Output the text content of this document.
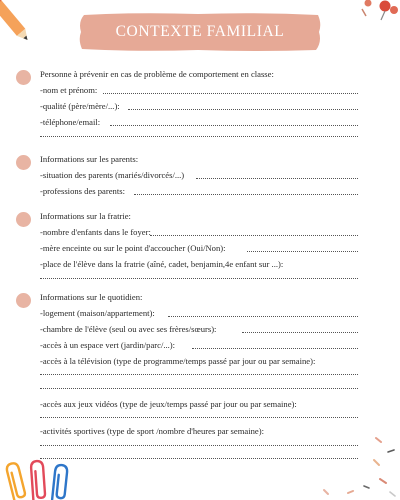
CONTEXTE FAMILIAL
Personne à prévenir en cas de problème de comportement en classe:
-nom et prénom:
-qualité (père/mère/...):
-téléphone/email:
Informations sur les parents:
-situation des parents (mariés/divorcés/...)
-professions des parents:
Informations sur la fratrie:
-nombre d'enfants dans le foyer:
-mère enceinte ou sur le point d'accoucher (Oui/Non):
-place de l'élève dans la fratrie (aîné, cadet, benjamin,4e enfant sur ...):
Informations sur le quotidien:
-logement (maison/appartement):
-chambre de l'élève (seul ou avec ses frères/sœurs):
-accès à un espace vert (jardin/parc/...):
-accès à la télévision (type de programme/temps passé par jour ou par semaine):
-accès aux jeux vidéos (type de jeux/temps passé par jour ou par semaine):
-activités sportives (type de sport /nombre d'heures par semaine):
